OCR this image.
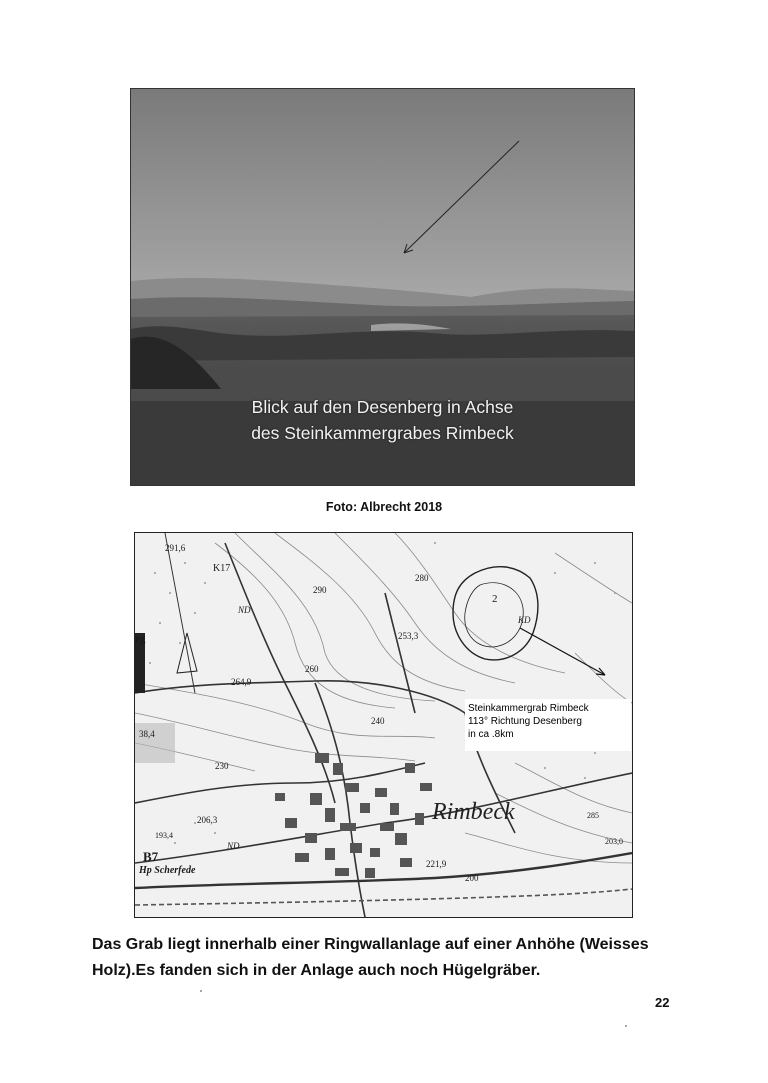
Blick auf den Desenberg in Achse
des Steinkammergrabes Rimbeck
Foto: Albrecht 2018
291,6
K17
280
290
ND
253,3
2
KD
264,9
260
240
38,4
230
206,3
193,4
B7
ND
Hp Scherfede
221,9
203,0
285
200
rg
Rimbeck
Steinkammergrab Rimbeck
113° Richtung Desenberg
in ca .8km
Das Grab liegt innerhalb einer Ringwallanlage auf einer Anhöhe (Weisses Holz).Es fanden sich in der Anlage auch noch Hügelgräber.
22
